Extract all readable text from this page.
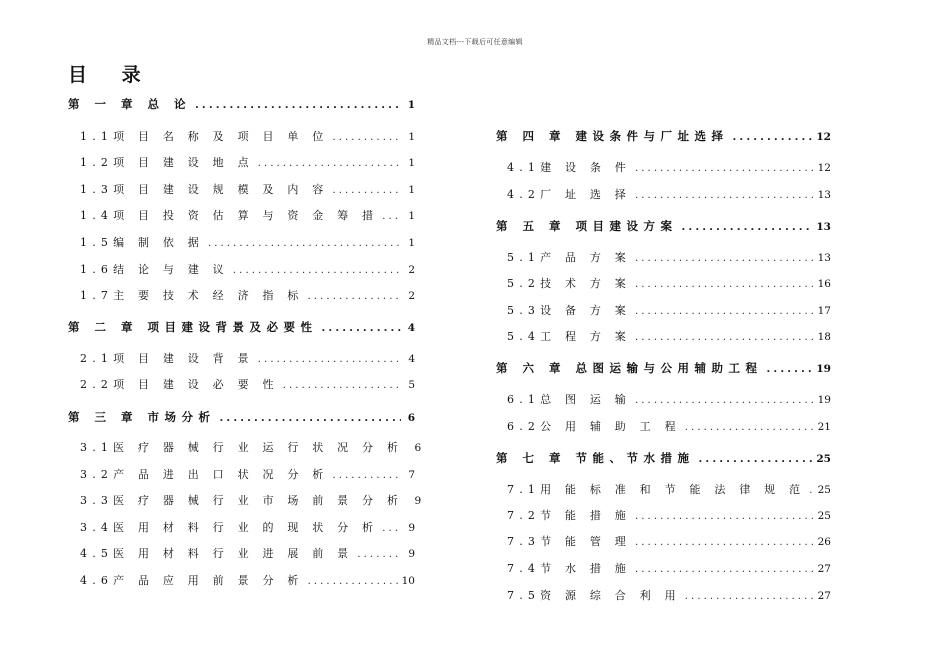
精品文档---下载后可任意编辑
目 录
第 一 章 总 论 .....	1
1.1项 目 名 称 及 项 目 单 位 .....	1
1.2项 目 建 设 地 点 .....	1
1.3项 目 建 设 规 模 及 内 容 .....	1
1.4项 目 投 资 估 算 与 资 金 筹 措 .....	1
1.5编 制 依 据 .....	1
1.6结 论 与 建 议 .....	2
1.7主 要 技 术 经 济 指 标 .....	2
第 二 章 项目建设背景及必要性 .....	4
2.1项 目 建 设 背 景 .....	4
2.2项 目 建 设 必 要 性 .....	5
第 三 章 市场分析 .....	6
3.1医 疗 器 械 行 业 运 行 状 况 分 析	6
3.2产 品 进 出 口 状 况 分 析 .....	7
3.3医 疗 器 械 行 业 市 场 前 景 分 析	9
3.4医 用 材 料 行 业 的 现 状 分 析 .....	9
4.5医 用 材 料 行 业 进 展 前 景 .....	9
4.6产 品 应 用 前 景 分 析 .....	10
第 四 章 建设条件与厂址选择 .....	12
4.1建 设 条 件 .....	12
4.2厂 址 选 择 .....	13
第 五 章 项目建设方案 .....	13
5.1产 品 方 案 .....	13
5.2技 术 方 案 .....	16
5.3设 备 方 案 .....	17
5.4工 程 方 案 .....	18
第 六 章 总图运输与公用辅助工程 .....	19
6.1总 图 运 输 .....	19
6.2公 用 辅 助 工 程 .....	21
第 七 章 节能、节水措施 .....	25
7.1用 能 标 准 和 节 能 法 律 规 范 ..... 25
7.2节 能 措 施 .....	25
7.3节 能 管 理 .....	26
7.4节 水 措 施 .....	27
7.5资 源 综 合 利 用 .....	27
